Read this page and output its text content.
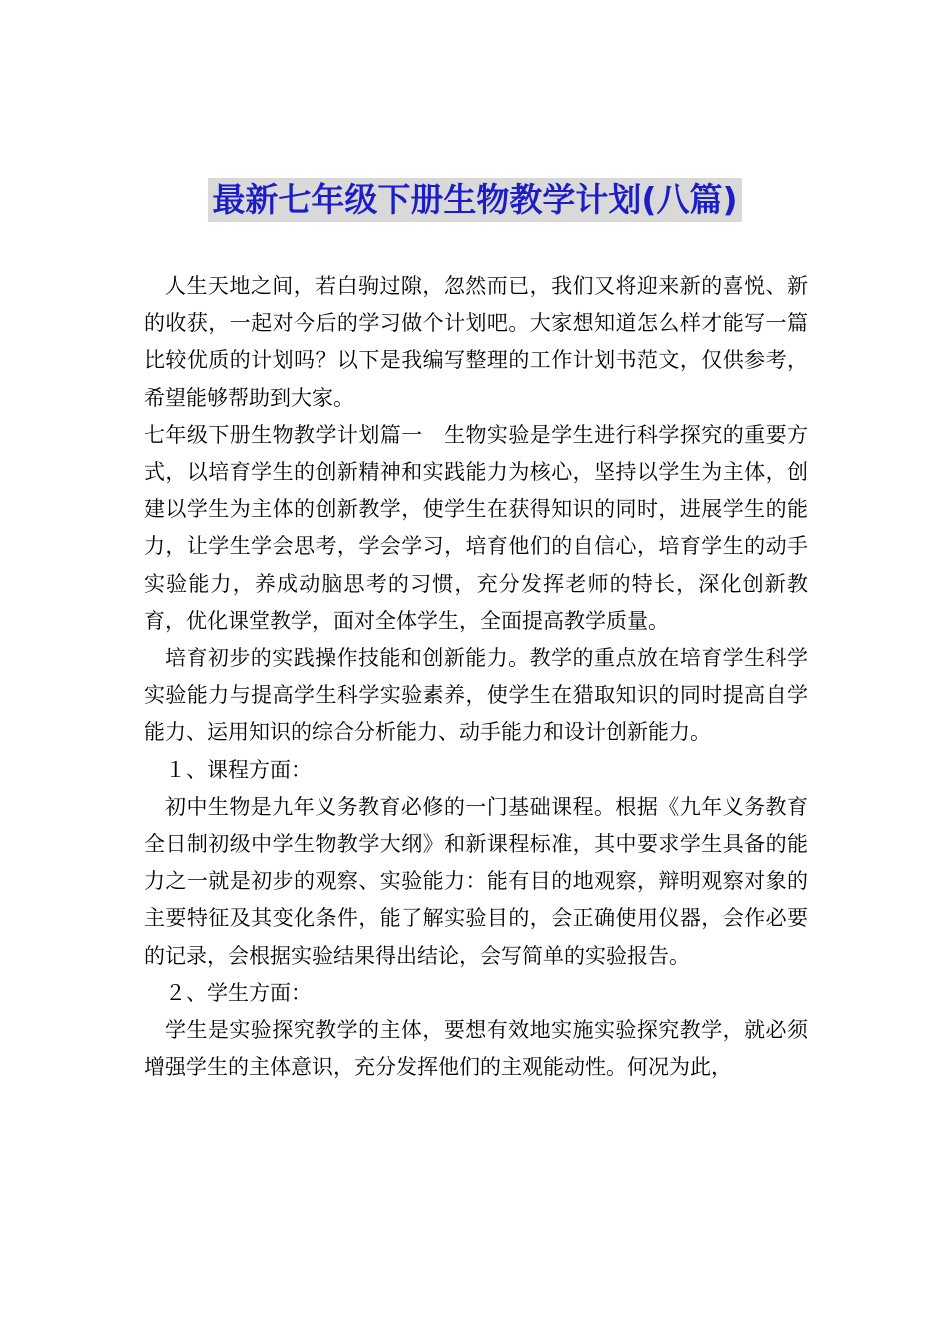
最新七年级下册生物教学计划(八篇)

人生天地之间，若白驹过隙，忽然而已，我们又将迎来新的喜悦、新的收获，一起对今后的学习做个计划吧。大家想知道怎么样才能写一篇比较优质的计划吗？以下是我编写整理的工作计划书范文，仅供参考，希望能够帮助到大家。

七年级下册生物教学计划篇一　生物实验是学生进行科学探究的重要方式，以培育学生的创新精神和实践能力为核心，坚持以学生为主体，创建以学生为主体的创新教学，使学生在获得知识的同时，进展学生的能力，让学生学会思考，学会学习，培育他们的自信心，培育学生的动手实验能力，养成动脑思考的习惯，充分发挥老师的特长，深化创新教育，优化课堂教学，面对全体学生，全面提高教学质量。

培育初步的实践操作技能和创新能力。教学的重点放在培育学生科学实验能力与提高学生科学实验素养，使学生在猎取知识的同时提高自学能力、运用知识的综合分析能力、动手能力和设计创新能力。

１、课程方面：

初中生物是九年义务教育必修的一门基础课程。根据《九年义务教育全日制初级中学生物教学大纲》和新课程标准，其中要求学生具备的能力之一就是初步的观察、实验能力：能有目的地观察，辩明观察对象的主要特征及其变化条件，能了解实验目的，会正确使用仪器，会作必要的记录，会根据实验结果得出结论，会写简单的实验报告。

２、学生方面：

学生是实验探究教学的主体，要想有效地实施实验探究教学，就必须增强学生的主体意识，充分发挥他们的主观能动性。何况为此，
